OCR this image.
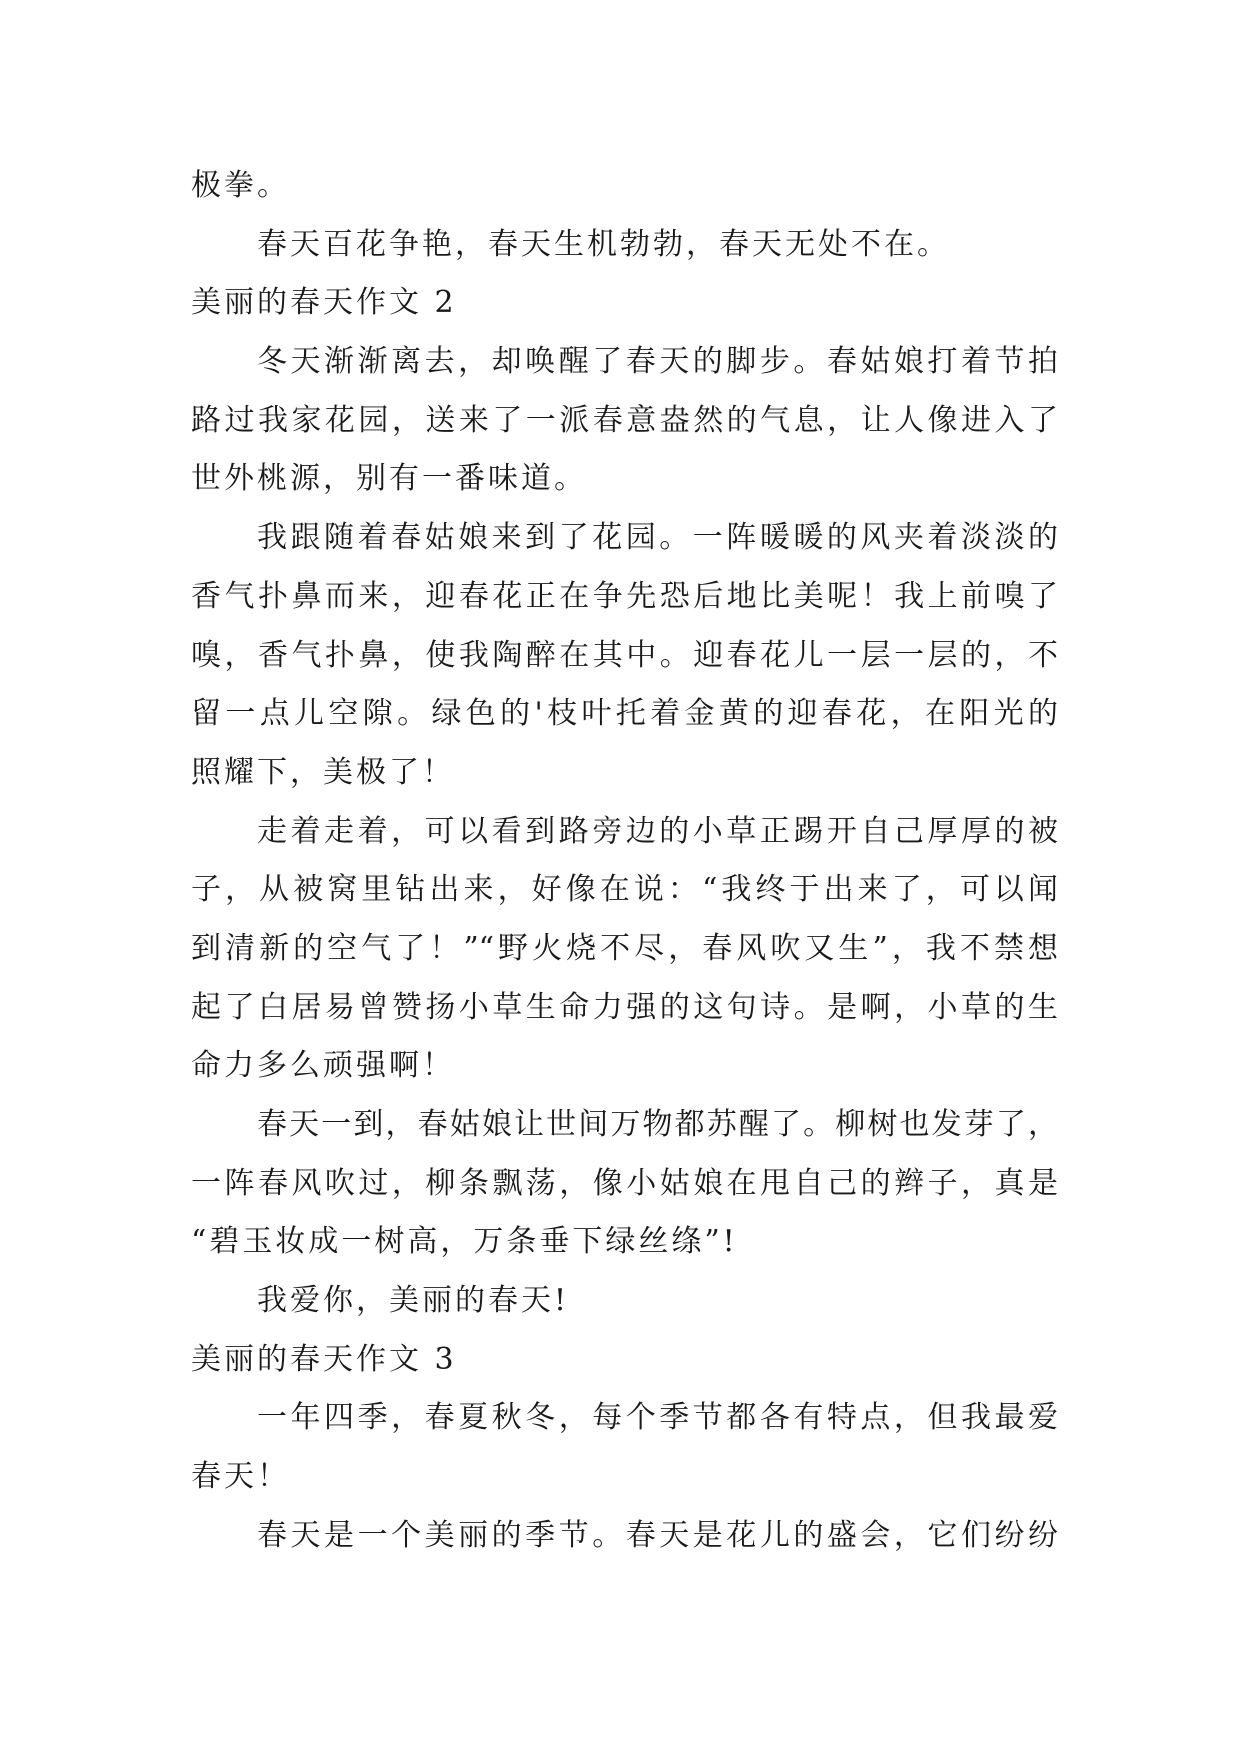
极拳。
春天百花争艳，春天生机勃勃，春天无处不在。
美丽的春天作文 2
冬天渐渐离去，却唤醒了春天的脚步。春姑娘打着节拍
路过我家花园，送来了一派春意盎然的气息，让人像进入了
世外桃源，别有一番味道。
我跟随着春姑娘来到了花园。一阵暖暖的风夹着淡淡的
香气扑鼻而来，迎春花正在争先恐后地比美呢！我上前嗅了
嗅，香气扑鼻，使我陶醉在其中。迎春花儿一层一层的，不
留一点儿空隙。绿色的'枝叶托着金黄的迎春花，在阳光的
照耀下，美极了！
走着走着，可以看到路旁边的小草正踢开自己厚厚的被
子，从被窝里钻出来，好像在说：“我终于出来了，可以闻
到清新的空气了！”“野火烧不尽，春风吹又生”，我不禁想
起了白居易曾赞扬小草生命力强的这句诗。是啊，小草的生
命力多么顽强啊！
春天一到，春姑娘让世间万物都苏醒了。柳树也发芽了，
一阵春风吹过，柳条飘荡，像小姑娘在甩自己的辫子，真是
“碧玉妆成一树高，万条垂下绿丝绦”!
我爱你，美丽的春天!
美丽的春天作文 3
一年四季，春夏秋冬，每个季节都各有特点，但我最爱
春天！
春天是一个美丽的季节。春天是花儿的盛会，它们纷纷
